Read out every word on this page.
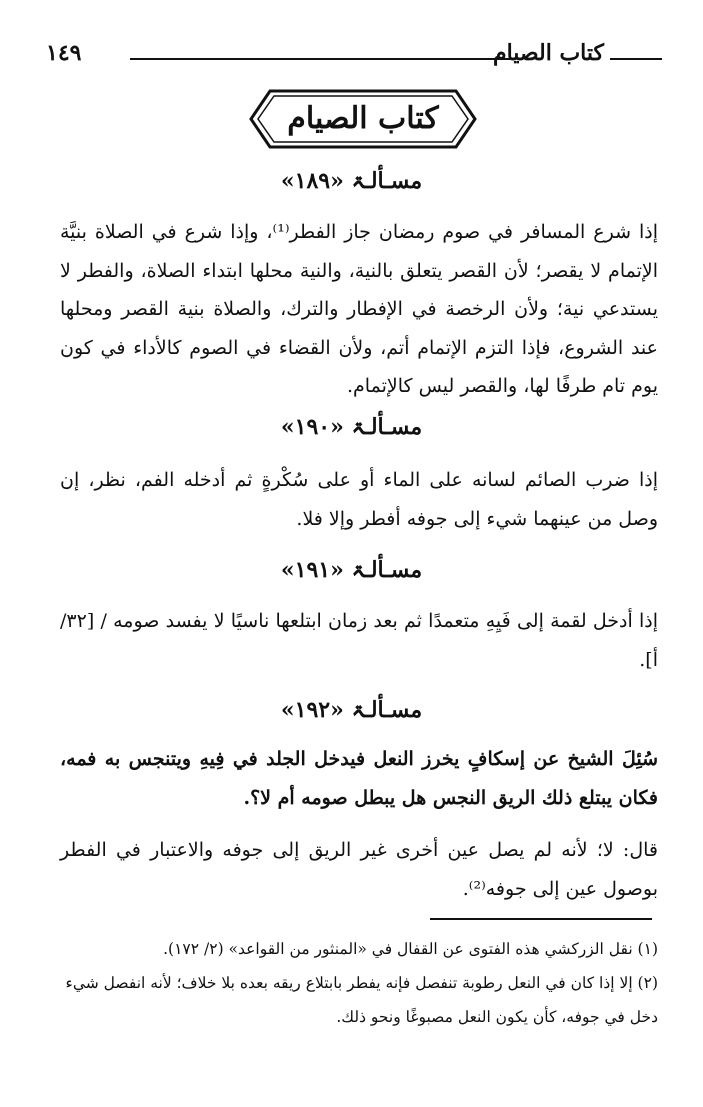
١٤٩	كتاب الصيام
كتاب الصيام
مسـألـۃ «١٨٩»
إذا شرع المسافر في صوم رمضان جاز الفطر⁽¹⁾، وإذا شرع في الصلاة بنيَّة الإتمام لا يقصر؛ لأن القصر يتعلق بالنية، والنية محلها ابتداء الصلاة، والفطر لا يستدعي نية؛ ولأن الرخصة في الإفطار والترك، والصلاة بنية القصر ومحلها عند الشروع، فإذا التزم الإتمام أتم، ولأن القضاء في الصوم كالأداء في كون يوم تام طرفًا لها، والقصر ليس كالإتمام.
مسـألـۃ «١٩٠»
إذا ضرب الصائم لسانه على الماء أو على سُكْرةٍ ثم أدخله الفم، نظر، إن وصل من عينهما شيء إلى جوفه أفطر وإلا فلا.
مسـألـۃ «١٩١»
إذا أدخل لقمة إلى فَيِهِ متعمدًا ثم بعد زمان ابتلعها ناسيًا لا يفسد صومه / [٣٢/ أ].
مسـألـۃ «١٩٢»
سُئِلَ الشيخ عن إسكافٍ يخرز النعل فيدخل الجلد في فِيهِ ويتنجس به فمه، فكان يبتلع ذلك الريق النجس هل يبطل صومه أم لا؟.
قال: لا؛ لأنه لم يصل عين أخرى غير الريق إلى جوفه والاعتبار في الفطر بوصول عين إلى جوفه⁽²⁾.
(١) نقل الزركشي هذه الفتوى عن القفال في «المنثور من القواعد» (٢/ ١٧٢).
(٢) إلا إذا كان في النعل رطوبة تنفصل فإنه يفطر بابتلاع ريقه بعده بلا خلاف؛ لأنه انفصل شيء دخل في جوفه، كأن يكون النعل مصبوغًا ونحو ذلك.
